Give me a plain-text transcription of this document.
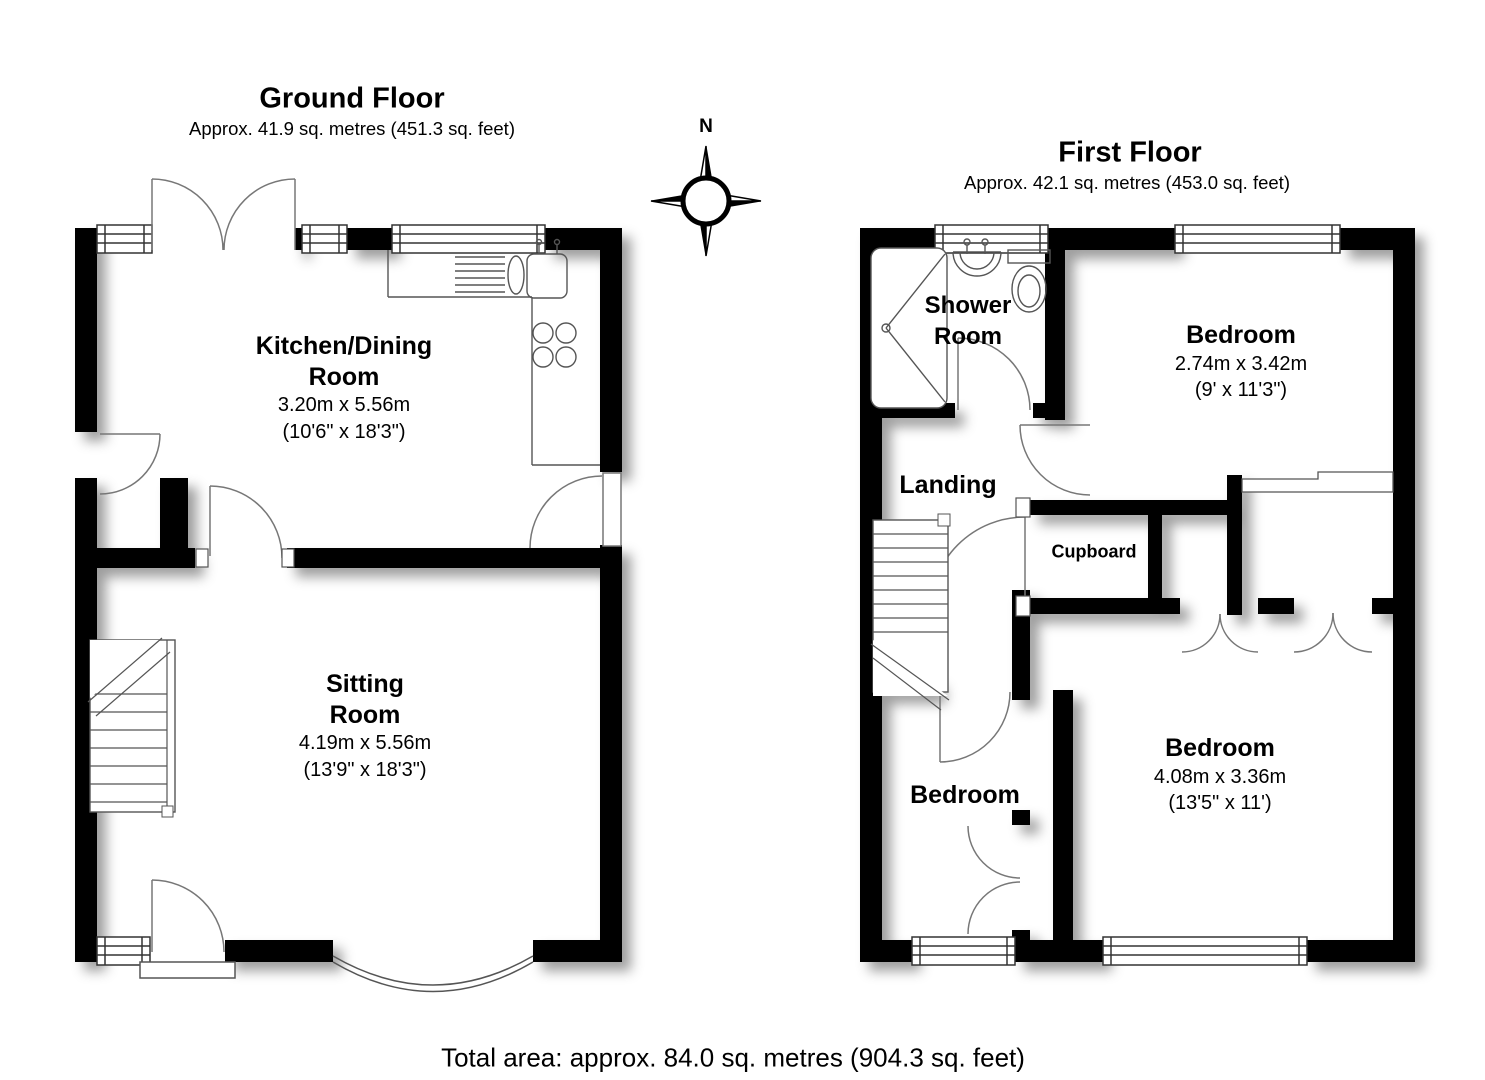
Ground Floor
Approx. 41.9 sq. metres (451.3 sq. feet)
First Floor
Approx. 42.1 sq. metres (453.0 sq. feet)
N
Kitchen/Dining
Room
3.20m x 5.56m
(10'6" x 18'3")
Sitting
Room
4.19m x 5.56m
(13'9" x 18'3")
Shower
Room	Bedroom
2.74m x 3.42m
(9' x 11'3")
Landing
Cupboard
Bedroom
Bedroom
4.08m x 3.36m
(13'5" x 11')
Total area: approx. 84.0 sq. metres (904.3 sq. feet)
